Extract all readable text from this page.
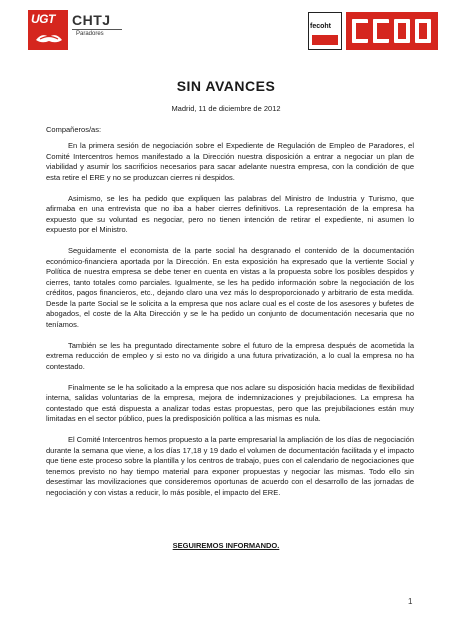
UGT CHTJ
Paradores
fecoht
SIN AVANCES
Madrid, 11 de diciembre de 2012
Compañeros/as:

En la primera sesión de negociación sobre el Expediente de Regulación de Empleo de Paradores, el Comité Intercentros hemos manifestado a la Dirección nuestra disposición a entrar a negociar un plan de viabilidad y asumir los sacrificios necesarios para sacar adelante nuestra empresa, con la condición de que esta retire el ERE y no se produzcan cierres ni despidos.

Asimismo, se les ha pedido que expliquen las palabras del Ministro de Industria y Turismo, que afirmaba en una entrevista que no iba a haber cierres definitivos. La representación de la empresa ha expuesto que su voluntad es negociar, pero no tienen intención de retirar el expediente, ni asumen lo expuesto por el Ministro.

Seguidamente el economista de la parte social ha desgranado el contenido de la documentación económico-financiera aportada por la Dirección. En esta exposición ha expresado que la vertiente Social y Política de nuestra empresa se debe tener en cuenta en vistas a la propuesta sobre los posibles despidos y cierres, tanto totales como parciales. Igualmente, se les ha pedido información sobre la negociación de los créditos, pagos financieros, etc., dejando claro una vez más lo desproporcionado y arbitrario de esta medida. Desde la parte Social se le solicita a la empresa que nos aclare cual es el coste de los asesores y bufetes de abogados, el coste de la Alta Dirección y se le ha pedido un conjunto de documentación necesaria que no teníamos.

También se les ha preguntado directamente sobre el futuro de la empresa después de acometida la extrema reducción de empleo y si esto no va dirigido a una futura privatización, a lo cual la empresa no ha contestado.

Finalmente se le ha solicitado a la empresa que nos aclare su disposición hacia medidas de flexibilidad interna, salidas voluntarias de la empresa, mejora de indemnizaciones y prejubilaciones. La empresa ha contestado que está dispuesta a analizar todas estas propuestas, pero que las prejubilaciones están muy limitadas en el sector público, pues la predisposición política a las mismas es nula.

El Comité Intercentros hemos propuesto a la parte empresarial la ampliación de los días de negociación durante la semana que viene, a los días 17,18 y 19 dado el volumen de documentación facilitada y el impacto que tiene este proceso sobre la plantilla y los centros de trabajo, pues con el calendario de negociaciones que tenemos previsto no hay tiempo material para exponer propuestas y negociar las mismas. Todo ello sin desestimar las movilizaciones que consideremos oportunas de acuerdo con el desarrollo de las jornadas de negociación y con vistas a reducir, lo más posible, el impacto del ERE.

SEGUIREMOS INFORMANDO.
1
